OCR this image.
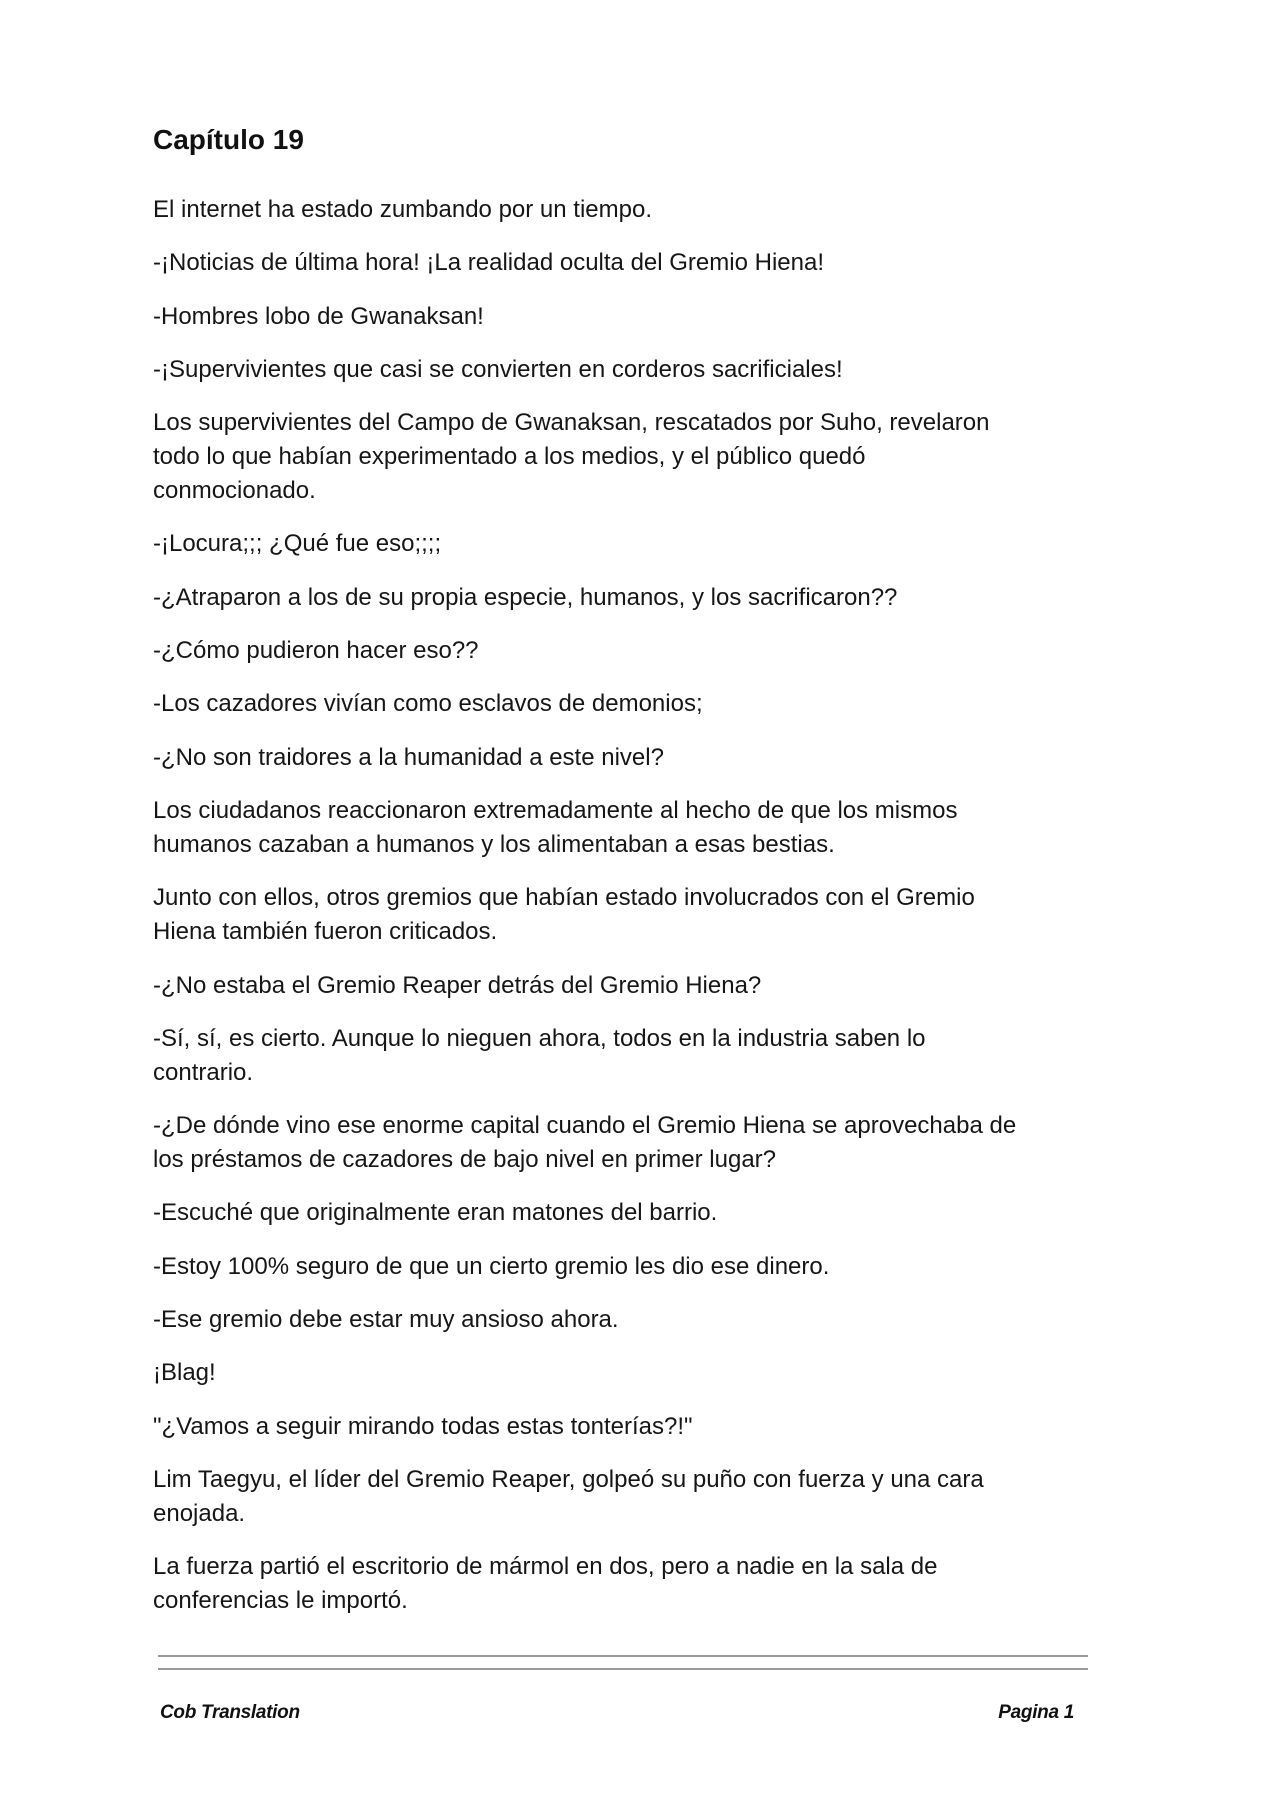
Capítulo 19

El internet ha estado zumbando por un tiempo.

-¡Noticias de última hora! ¡La realidad oculta del Gremio Hiena!

-Hombres lobo de Gwanaksan!

-¡Supervivientes que casi se convierten en corderos sacrificiales!

Los supervivientes del Campo de Gwanaksan, rescatados por Suho, revelaron
todo lo que habían experimentado a los medios, y el público quedó
conmocionado.

-¡Locura;;; ¿Qué fue eso;;;;

-¿Atraparon a los de su propia especie, humanos, y los sacrificaron??

-¿Cómo pudieron hacer eso??

-Los cazadores vivían como esclavos de demonios;

-¿No son traidores a la humanidad a este nivel?

Los ciudadanos reaccionaron extremadamente al hecho de que los mismos
humanos cazaban a humanos y los alimentaban a esas bestias.

Junto con ellos, otros gremios que habían estado involucrados con el Gremio
Hiena también fueron criticados.

-¿No estaba el Gremio Reaper detrás del Gremio Hiena?

-Sí, sí, es cierto. Aunque lo nieguen ahora, todos en la industria saben lo
contrario.

-¿De dónde vino ese enorme capital cuando el Gremio Hiena se aprovechaba de
los préstamos de cazadores de bajo nivel en primer lugar?

-Escuché que originalmente eran matones del barrio.

-Estoy 100% seguro de que un cierto gremio les dio ese dinero.

-Ese gremio debe estar muy ansioso ahora.

¡Blag!

"¿Vamos a seguir mirando todas estas tonterías?!"

Lim Taegyu, el líder del Gremio Reaper, golpeó su puño con fuerza y una cara
enojada.

La fuerza partió el escritorio de mármol en dos, pero a nadie en la sala de
conferencias le importó.

Cob Translation	Pagina 1
